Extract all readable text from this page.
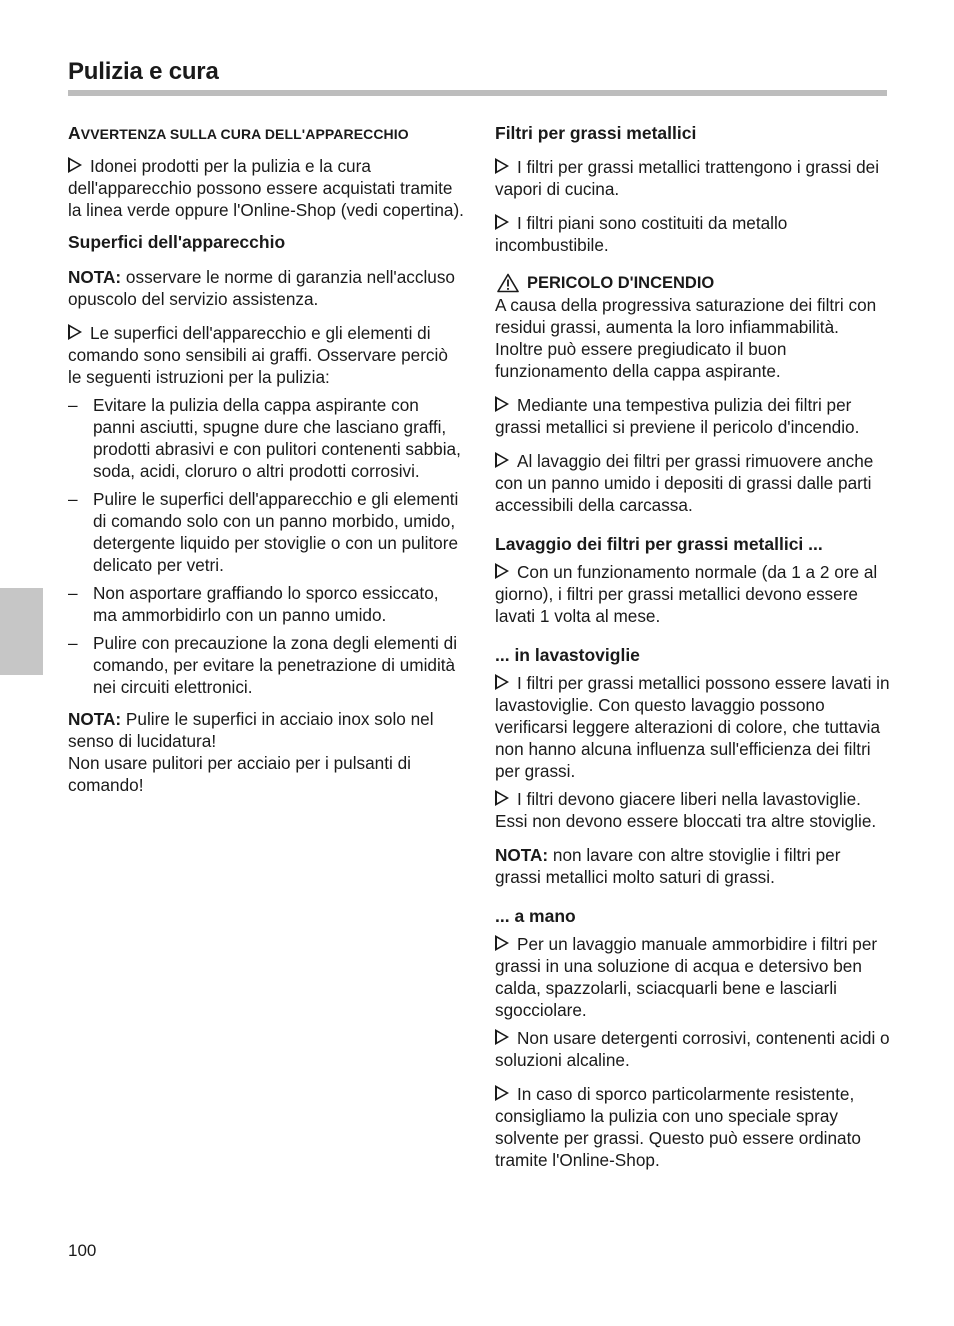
Pulizia e cura

AVVERTENZA SULLA CURA DELL'APPARECCHIO

Idonei prodotti per la pulizia e la cura dell'apparecchio possono essere acquistati tramite la linea verde oppure l'Online-Shop (vedi copertina).

Superfici dell'apparecchio

NOTA: osservare le norme di garanzia nell'accluso opuscolo del servizio assistenza.

Le superfici dell'apparecchio e gli elementi di comando sono sensibili ai graffi. Osservare perciò le seguenti istruzioni per la pulizia:

– Evitare la pulizia della cappa aspirante con panni asciutti, spugne dure che lasciano graffi, prodotti abrasivi e con pulitori contenenti sabbia, soda, acidi, cloruro o altri prodotti corrosivi.
– Pulire le superfici dell'apparecchio e gli elementi di comando solo con un panno morbido, umido, detergente liquido per stoviglie o con un pulitore delicato per vetri.
– Non asportare graffiando lo sporco essiccato, ma ammorbidirlo con un panno umido.
– Pulire con precauzione la zona degli elementi di comando, per evitare la penetrazione di umidità nei circuiti elettronici.

NOTA: Pulire le superfici in acciaio inox solo nel senso di lucidatura!

Non usare pulitori per acciaio per i pulsanti di comando!

Filtri per grassi metallici

I filtri per grassi metallici trattengono i grassi dei vapori di cucina.

I filtri piani sono costituiti da metallo incombustibile.

PERICOLO D'INCENDIO

A causa della progressiva saturazione dei filtri con residui grassi, aumenta la loro infiammabilità. Inoltre può essere pregiudicato il buon funzionamento della cappa aspirante.

Mediante una tempestiva pulizia dei filtri per grassi metallici si previene il pericolo d'incendio.

Al lavaggio dei filtri per grassi rimuovere anche con un panno umido i depositi di grassi dalle parti accessibili della carcassa.

Lavaggio dei filtri per grassi metallici ...

Con un funzionamento normale (da 1 a 2 ore al giorno), i filtri per grassi metallici devono essere lavati 1 volta al mese.

... in lavastoviglie

I filtri per grassi metallici possono essere lavati in lavastoviglie. Con questo lavaggio possono verificarsi leggere alterazioni di colore, che tuttavia non hanno alcuna influenza sull'efficienza dei filtri per grassi.

I filtri devono giacere liberi nella lavastoviglie. Essi non devono essere bloccati tra altre stoviglie.

NOTA: non lavare con altre stoviglie i filtri per grassi metallici molto saturi di grassi.

... a mano

Per un lavaggio manuale ammorbidire i filtri per grassi in una soluzione di acqua e detersivo ben calda, spazzolarli, sciacquarli bene e lasciarli sgocciolare.

Non usare detergenti corrosivi, contenenti acidi o soluzioni alcaline.

In caso di sporco particolarmente resistente, consigliamo la pulizia con uno speciale spray solvente per grassi. Questo può essere ordinato tramite l'Online-Shop.

100
